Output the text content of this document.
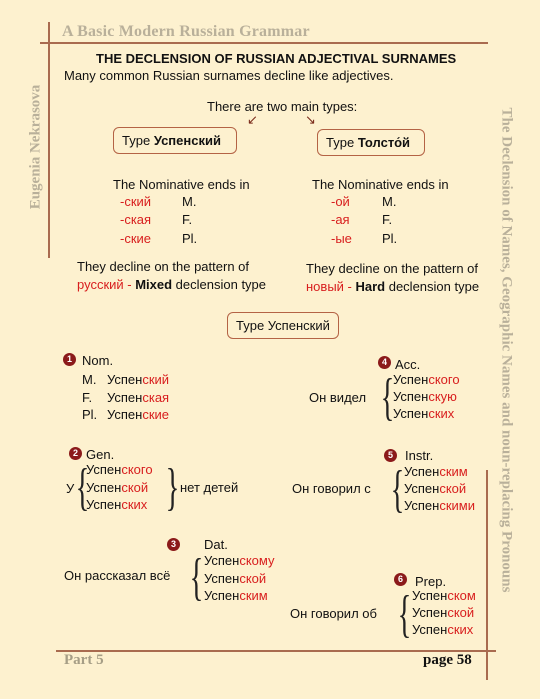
A Basic Modern Russian Grammar
Eugenia Nekrasova	The Declension of Names, Geographic Names and noun-replacing Pronouns
Part 5	page 58
THE DECLENSION OF RUSSIAN ADJECTIVAL SURNAMES
Many common Russian surnames decline like adjectives.
There are two main types:
↙	↘
Type Успенский
The Nominative ends in
-ский M.
-ская F.
-ские Pl.
They decline on the pattern of
русский - Mixed declension type
Type Толсто́й
The Nominative ends in
-ой M.
-ая F.
-ые Pl.
They decline on the pattern of
новый - Hard declension type
Type Успенский
1 Nom.
M. Успенский
F. Успенская
Pl. Успенские
2 Gen.
У {
Успенского
Успенской
Успенских } нет детей
3	Dat.
Он рассказал всё { Успенскому
Успенской
Успенским
4 Acc.
Он видел {
Успенского
Успенскую
Успенских
5 Instr.
Он говорил с { Успенским
Успенской
Успенскими
6 Prep.
Он говорил об { Успенском
Успенской
Успенских
